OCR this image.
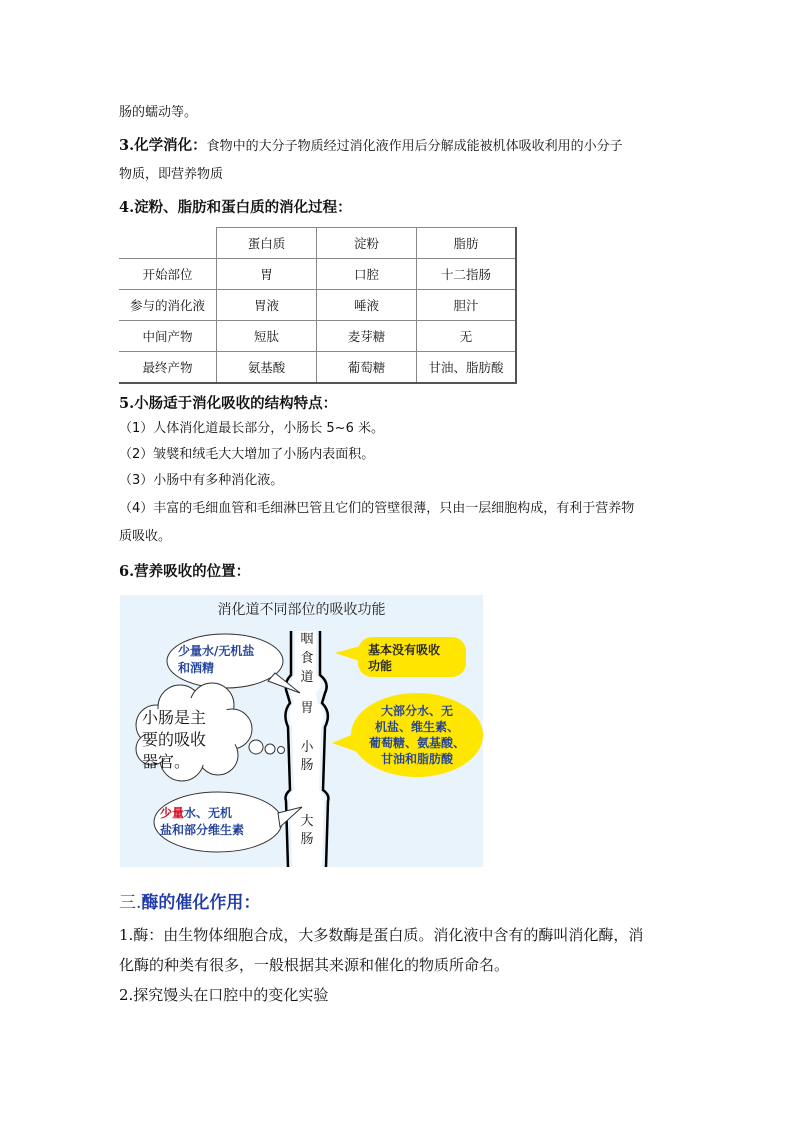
肠的蠕动等。
3.化学消化：食物中的大分子物质经过消化液作用后分解成能被机体吸收利用的小分子
物质，即营养物质
4.淀粉、脂肪和蛋白质的消化过程：
	蛋白质	淀粉	脂肪
开始部位	胃	口腔	十二指肠
参与的消化液	胃液	唾液	胆汁
中间产物	短肽	麦芽糖	无
最终产物	氨基酸	葡萄糖	甘油、脂肪酸
5.小肠适于消化吸收的结构特点：
（1）人体消化道最长部分，小肠长 5~6 米。
（2）皱襞和绒毛大大增加了小肠内表面积。
（3）小肠中有多种消化液。
（4）丰富的毛细血管和毛细淋巴管且它们的管壁很薄，只由一层细胞构成，有利于营养物
质吸收。
6.营养吸收的位置：
消化道不同部位的吸收功能
咽
食
道
胃
小
肠
大
肠
少量水/无机盐
和酒精
基本没有吸收
功能
大部分水、无
机盐、维生素、
葡萄糖、氨基酸、
甘油和脂肪酸
小肠是主
要的吸收
器官。
少量水、无机
盐和部分维生素
三.酶的催化作用：
1.酶：由生物体细胞合成，大多数酶是蛋白质。消化液中含有的酶叫消化酶，消
化酶的种类有很多，一般根据其来源和催化的物质所命名。
2.探究馒头在口腔中的变化实验
